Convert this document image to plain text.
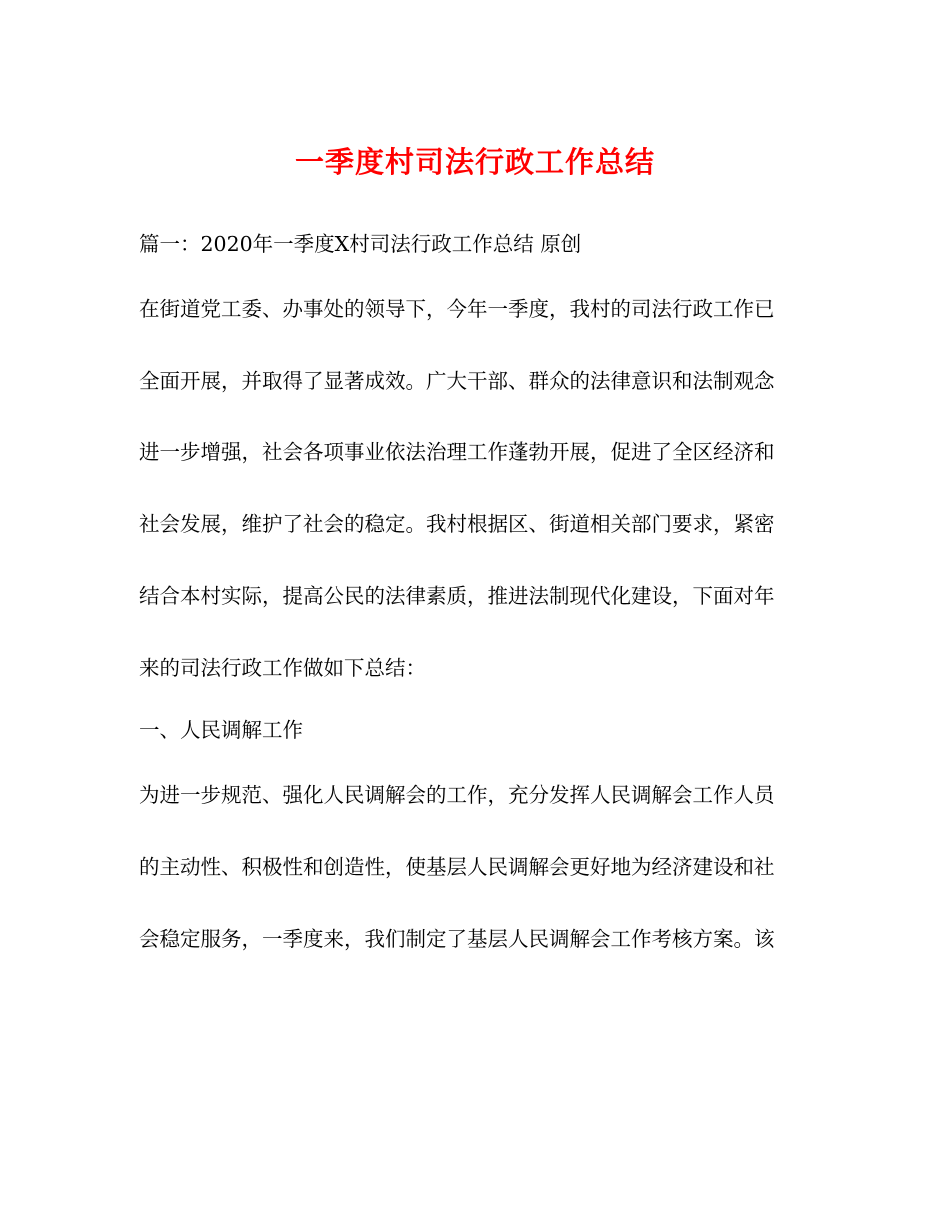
一季度村司法行政工作总结
篇一：2020年一季度X村司法行政工作总结 原创
在街道党工委、办事处的领导下，今年一季度，我村的司法行政工作已
全面开展，并取得了显著成效。广大干部、群众的法律意识和法制观念
进一步增强，社会各项事业依法治理工作蓬勃开展，促进了全区经济和
社会发展，维护了社会的稳定。我村根据区、街道相关部门要求，紧密
结合本村实际，提高公民的法律素质，推进法制现代化建设，下面对年
来的司法行政工作做如下总结：
一、人民调解工作
为进一步规范、强化人民调解会的工作，充分发挥人民调解会工作人员
的主动性、积极性和创造性，使基层人民调解会更好地为经济建设和社
会稳定服务，一季度来，我们制定了基层人民调解会工作考核方案。该
